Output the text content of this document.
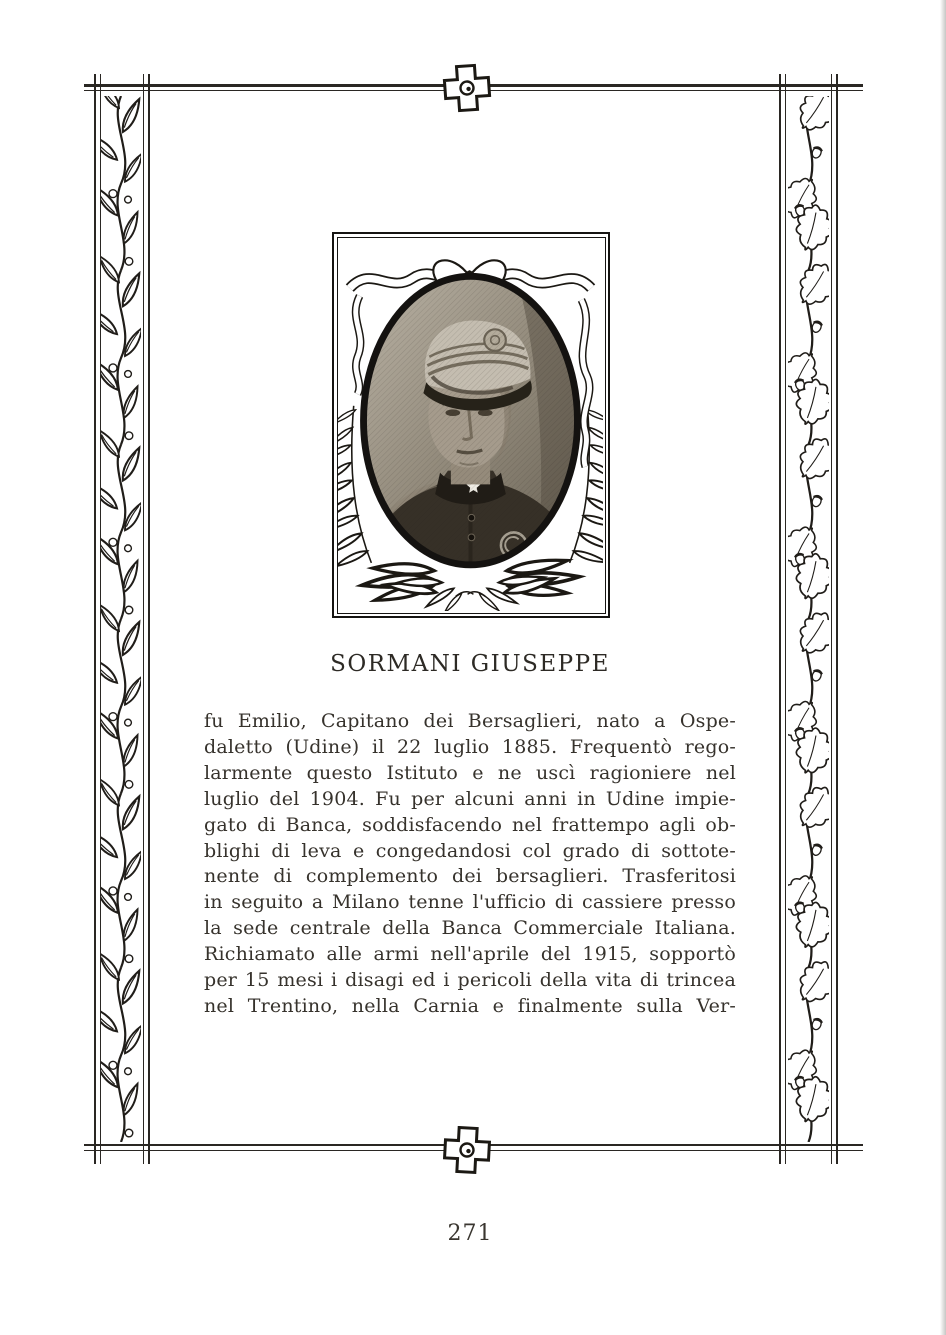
SORMANI GIUSEPPE
fu Emilio, Capitano dei Bersaglieri, nato a Ospe-
daletto (Udine) il 22 luglio 1885. Frequentò rego-
larmente questo Istituto e ne uscì ragioniere nel
luglio del 1904. Fu per alcuni anni in Udine impie-
gato di Banca, soddisfacendo nel frattempo agli ob-
blighi di leva e congedandosi col grado di sottote-
nente di complemento dei bersaglieri. Trasferitosi
in seguito a Milano tenne l'ufficio di cassiere presso
la sede centrale della Banca Commerciale Italiana.
Richiamato alle armi nell'aprile del 1915, sopportò
per 15 mesi i disagi ed i pericoli della vita di trincea
nel Trentino, nella Carnia e finalmente sulla Ver-
271
